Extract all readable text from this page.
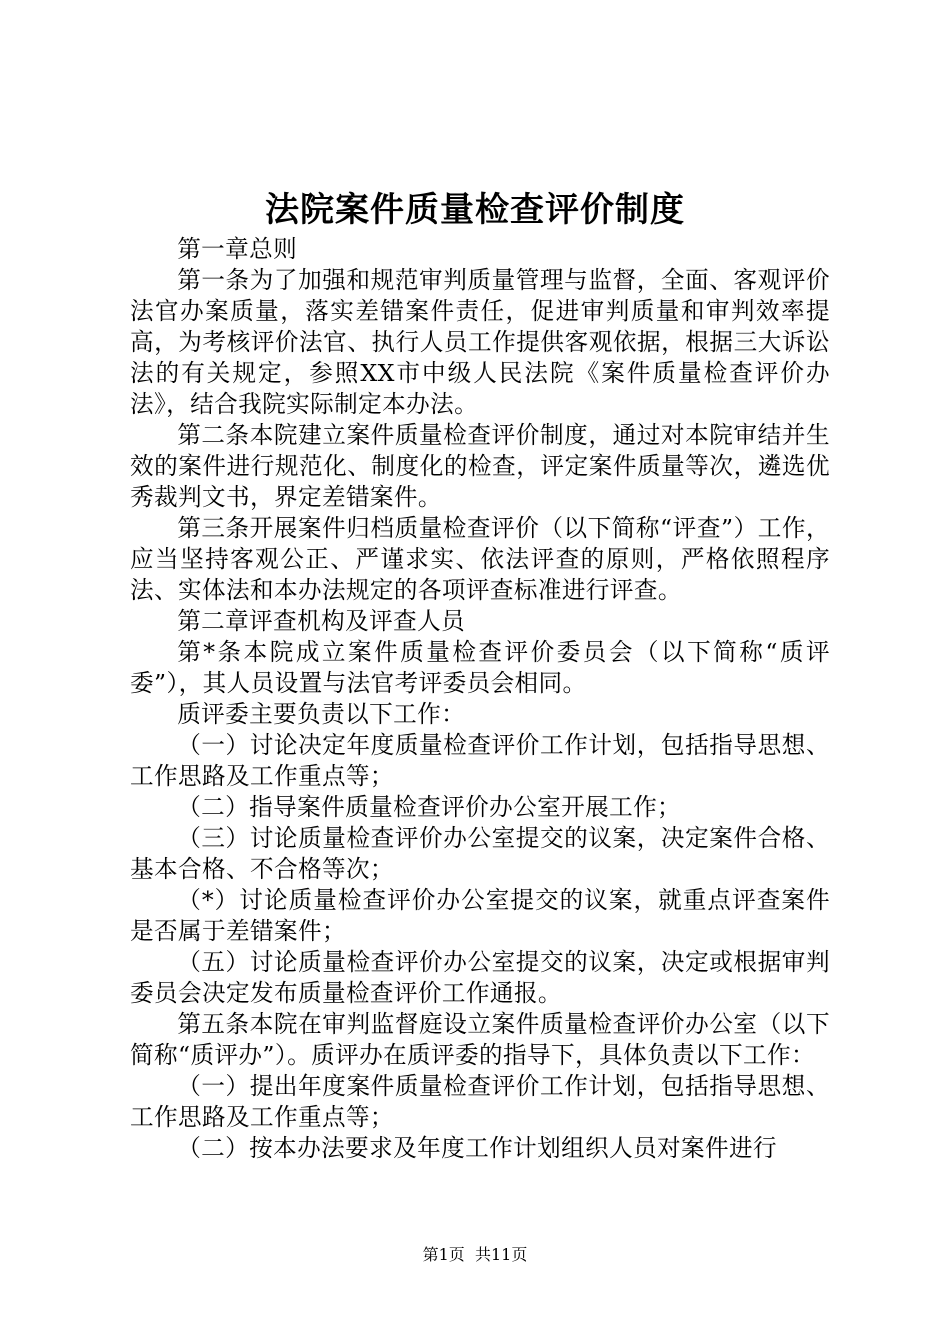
法院案件质量检查评价制度

第一章总则

第一条为了加强和规范审判质量管理与监督，全面、客观评价法官办案质量，落实差错案件责任，促进审判质量和审判效率提高，为考核评价法官、执行人员工作提供客观依据，根据三大诉讼法的有关规定，参照XX市中级人民法院《案件质量检查评价办法》，结合我院实际制定本办法。

第二条本院建立案件质量检查评价制度，通过对本院审结并生效的案件进行规范化、制度化的检查，评定案件质量等次，遴选优秀裁判文书，界定差错案件。

第三条开展案件归档质量检查评价（以下简称“评查”）工作，应当坚持客观公正、严谨求实、依法评查的原则，严格依照程序法、实体法和本办法规定的各项评查标准进行评查。

第二章评查机构及评查人员

第*条本院成立案件质量检查评价委员会（以下简称“质评委”），其人员设置与法官考评委员会相同。

质评委主要负责以下工作：

（一）讨论决定年度质量检查评价工作计划，包括指导思想、工作思路及工作重点等；

（二）指导案件质量检查评价办公室开展工作；

（三）讨论质量检查评价办公室提交的议案，决定案件合格、基本合格、不合格等次；

（*）讨论质量检查评价办公室提交的议案，就重点评查案件是否属于差错案件；

（五）讨论质量检查评价办公室提交的议案，决定或根据审判委员会决定发布质量检查评价工作通报。

第五条本院在审判监督庭设立案件质量检查评价办公室（以下简称“质评办”）。质评办在质评委的指导下，具体负责以下工作：

（一）提出年度案件质量检查评价工作计划，包括指导思想、工作思路及工作重点等；

（二）按本办法要求及年度工作计划组织人员对案件进行

第1页 共11页
